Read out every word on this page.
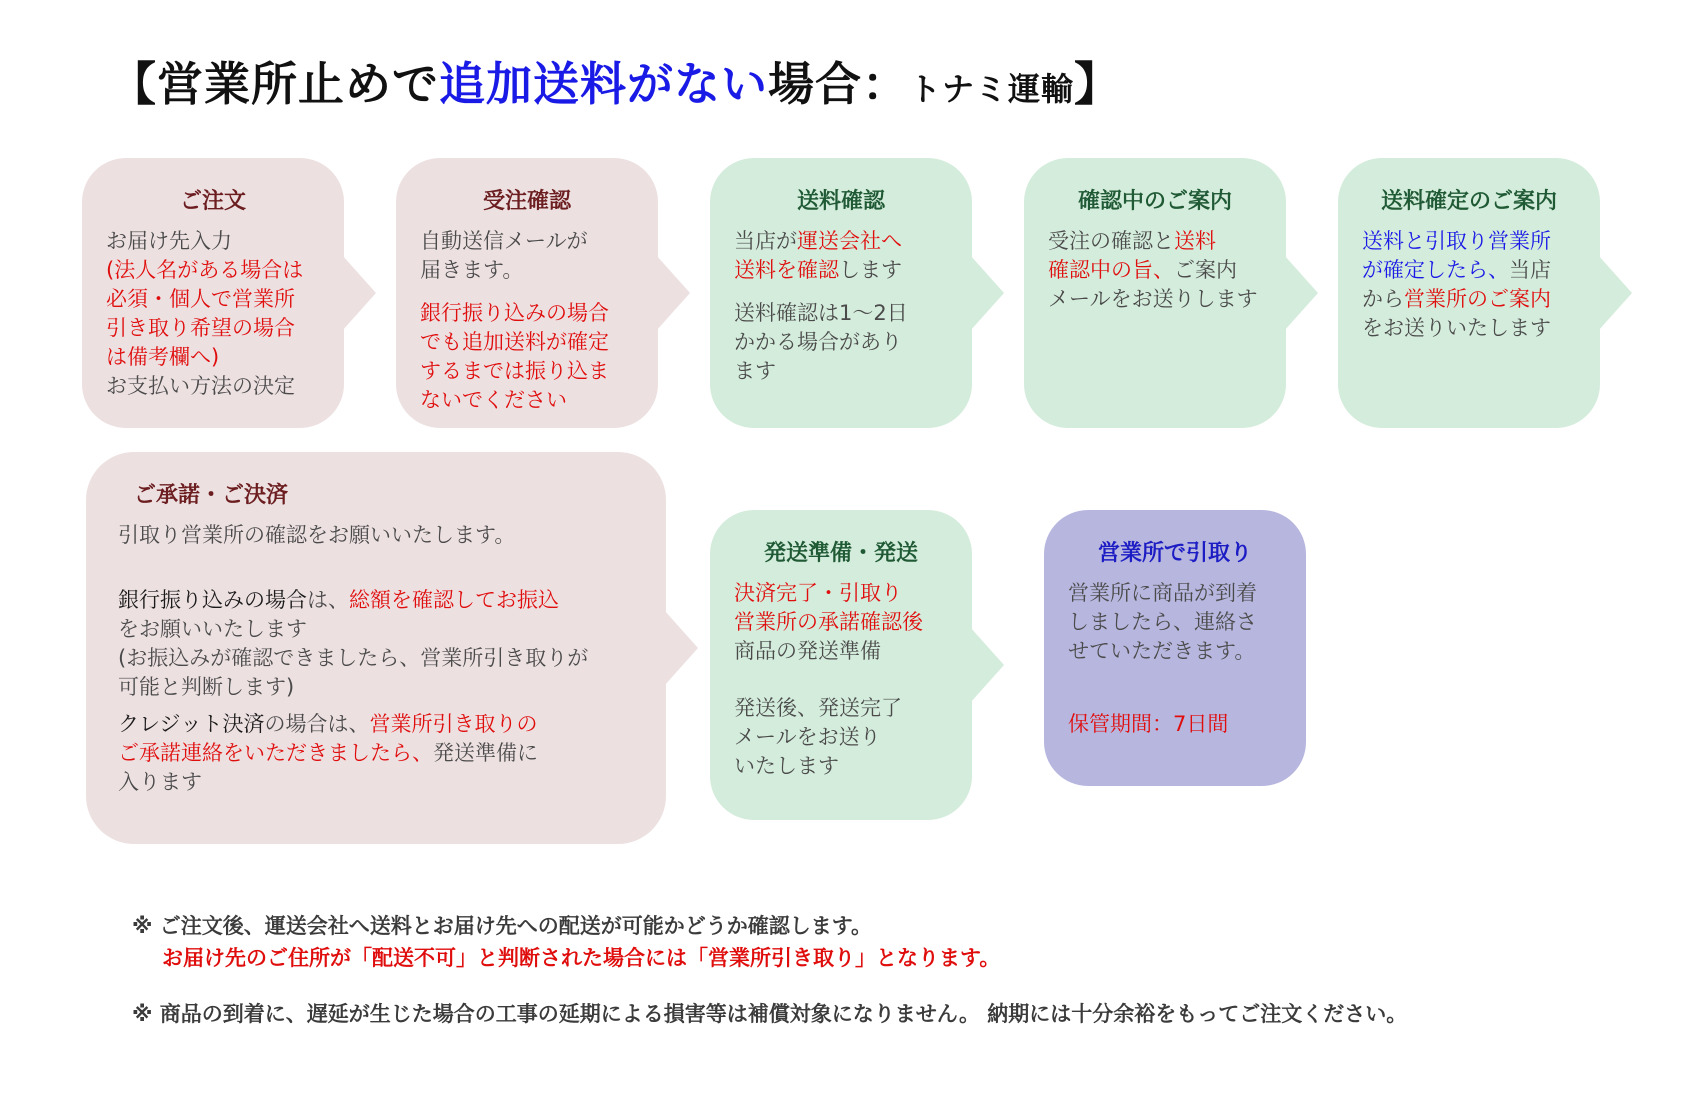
【営業所止めで追加送料がない場合：トナミ運輸】
ご注文
お届け先入力
(法人名がある場合は
必須・個人で営業所
引き取り希望の場合
は備考欄へ)
お支払い方法の決定
受注確認
自動送信メールが
届きます。
銀行振り込みの場合
でも追加送料が確定
するまでは振り込ま
ないでください
送料確認
当店が運送会社へ
送料を確認します
送料確認は1～2日
かかる場合があり
ます
確認中のご案内
受注の確認と送料
確認中の旨、ご案内
メールをお送りします
送料確定のご案内
送料と引取り営業所
が確定したら、当店
から営業所のご案内
をお送りいたします
ご承諾・ご決済
引取り営業所の確認をお願いいたします。
銀行振り込みの場合は、総額を確認してお振込
をお願いいたします
(お振込みが確認できましたら、営業所引き取りが
可能と判断します)
クレジット決済の場合は、営業所引き取りの
ご承諾連絡をいただきましたら、発送準備に
入ります
発送準備・発送
決済完了・引取り
営業所の承諾確認後
商品の発送準備
発送後、発送完了
メールをお送り
いたします
営業所で引取り
営業所に商品が到着
しましたら、連絡さ
せていただきます。
保管期間：7日間
※ ご注文後、運送会社へ送料とお届け先への配送が可能かどうか確認します。
お届け先のご住所が「配送不可」と判断された場合には「営業所引き取り」となります。
※ 商品の到着に、遅延が生じた場合の工事の延期による損害等は補償対象になりません。 納期には十分余裕をもってご注文ください。
